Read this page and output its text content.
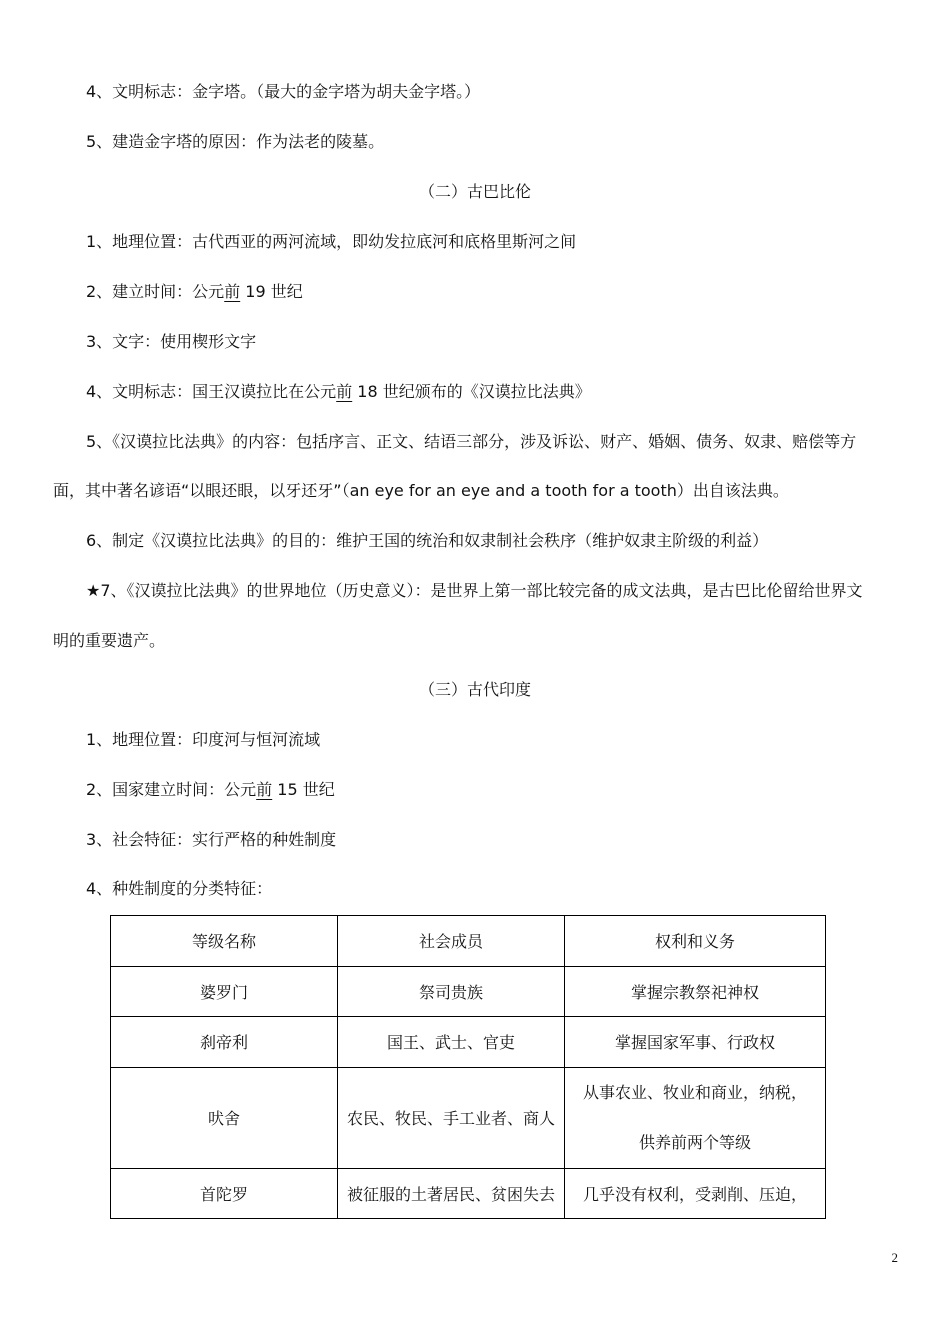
4、文明标志：金字塔。（最大的金字塔为胡夫金字塔。）
5、建造金字塔的原因：作为法老的陵墓。
（二）古巴比伦
1、地理位置：古代西亚的两河流域，即幼发拉底河和底格里斯河之间
2、建立时间：公元前 19 世纪
3、文字：使用楔形文字
4、文明标志：国王汉谟拉比在公元前 18 世纪颁布的《汉谟拉比法典》
5、《汉谟拉比法典》的内容：包括序言、正文、结语三部分，涉及诉讼、财产、婚姻、债务、奴隶、赔偿等方
面，其中著名谚语“以眼还眼，以牙还牙”（an eye for an eye and a tooth for a tooth）出自该法典。
6、制定《汉谟拉比法典》的目的：维护王国的统治和奴隶制社会秩序（维护奴隶主阶级的利益）
★7、《汉谟拉比法典》的世界地位（历史意义）：是世界上第一部比较完备的成文法典，是古巴比伦留给世界文
明的重要遗产。
（三）古代印度
1、地理位置：印度河与恒河流域
2、国家建立时间：公元前 15 世纪
3、社会特征：实行严格的种姓制度
4、种姓制度的分类特征：
等级名称	社会成员	权利和义务
婆罗门	祭司贵族	掌握宗教祭祀神权
刹帝利	国王、武士、官吏	掌握国家军事、行政权
吠舍	农民、牧民、手工业者、商人	从事农业、牧业和商业，纳税，
供养前两个等级

首陀罗	被征服的土著居民、贫困失去	几乎没有权利，受剥削、压迫，
2
